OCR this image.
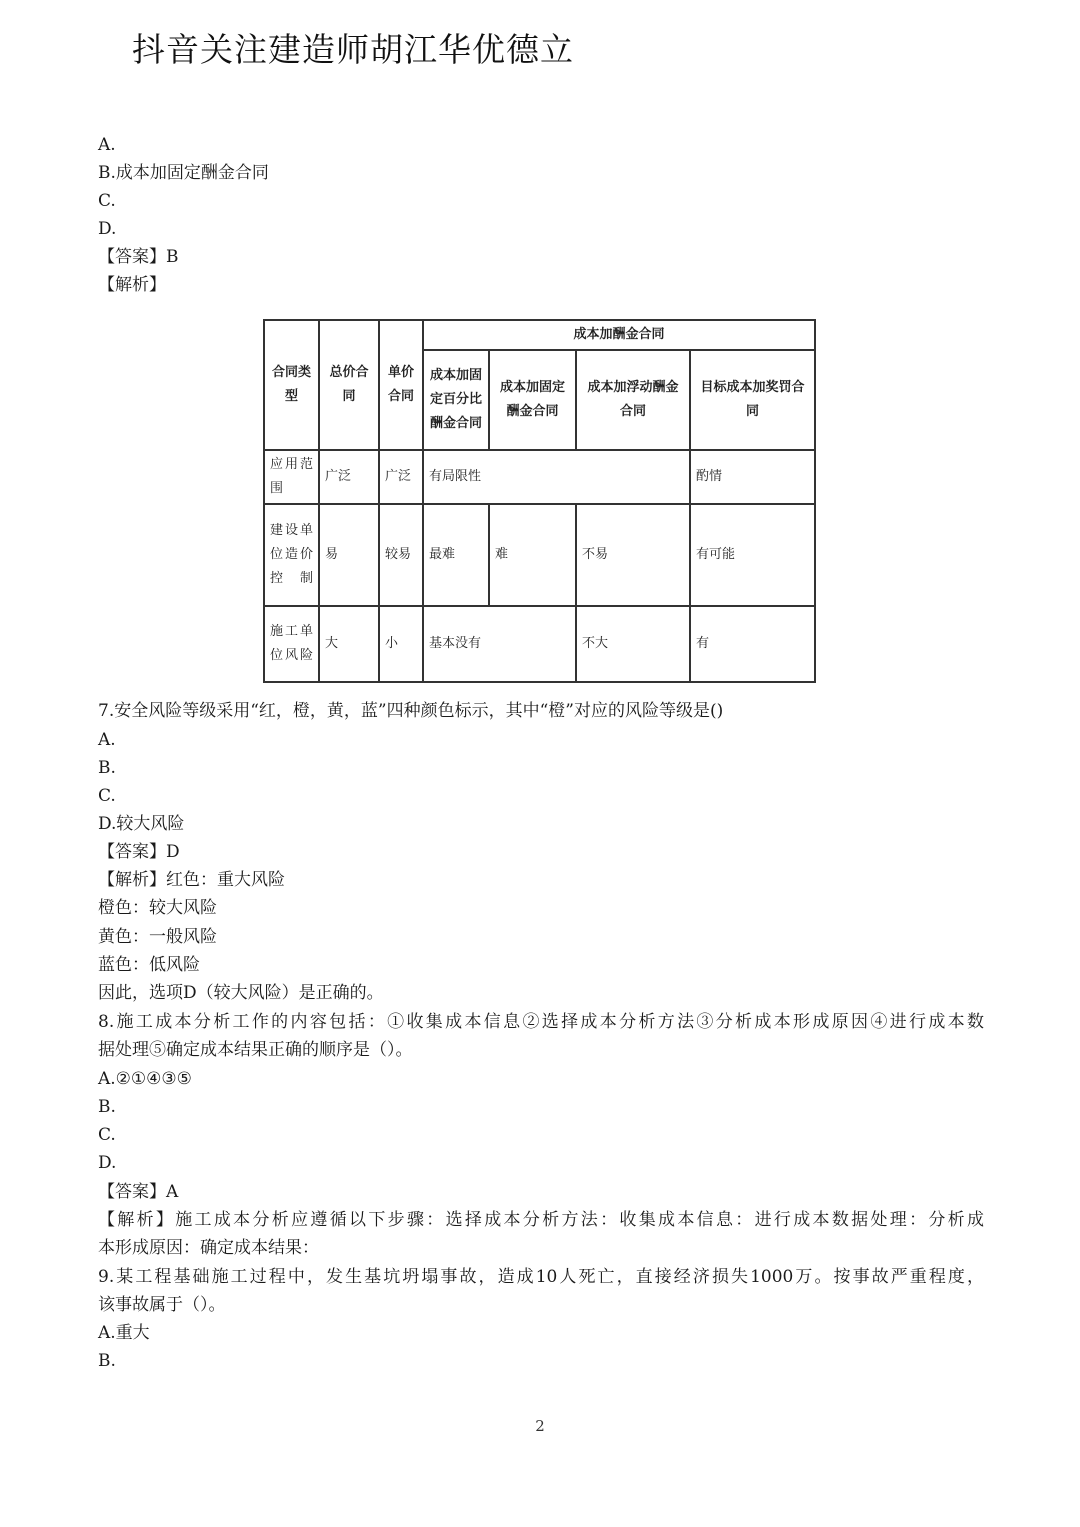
抖音关注建造师胡江华优德立
A.
B.成本加固定酬金合同
C.
D.
【答案】B
【解析】
合同类型	总价合同	单价合同	成本加酬金合同			
			成本加固定百分比酬金合同	成本加固定酬金合同	成本加浮动酬金合同	目标成本加奖罚合同
应用范围	广泛	广泛	有局限性			酌情
建设单位造价控制	易	较易	最难	难	不易	有可能
施工单位风险	大	小	基本没有		不大	有
7.安全风险等级采用“红，橙，黄，蓝”四种颜色标示，其中“橙”对应的风险等级是()
A.
B.
C.
D.较大风险
【答案】D
【解析】红色：重大风险
橙色：较大风险
黄色：一般风险
蓝色：低风险
因此，选项D（较大风险）是正确的。
8.施工成本分析工作的内容包括：①收集成本信息②选择成本分析方法③分析成本形成原因④进行成本数
据处理⑤确定成本结果正确的顺序是（）。
A.②①④③⑤
B.
C.
D.
【答案】A
【解析】施工成本分析应遵循以下步骤：选择成本分析方法：收集成本信息：进行成本数据处理：分析成
本形成原因：确定成本结果：
9.某工程基础施工过程中，发生基坑坍塌事故，造成10人死亡，直接经济损失1000万。按事故严重程度，
该事故属于（）。
A.重大
B.
2
